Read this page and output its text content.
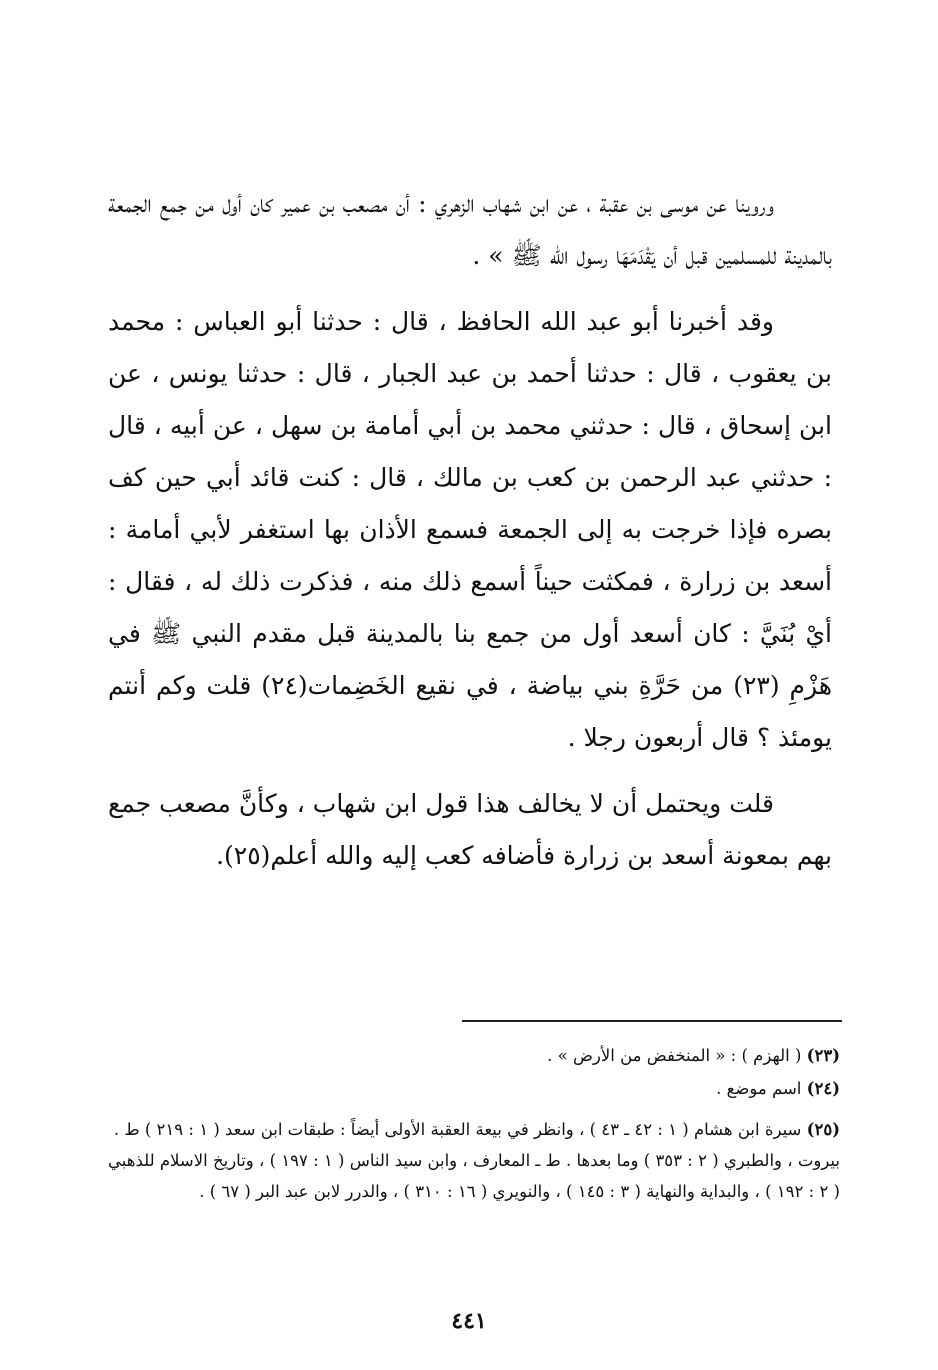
وروينا عن موسى بن عقبة ، عن ابن شهاب الزهري : أن مصعب بن عمير كان أول من جمع الجمعة بالمدينة للمسلمين قبل أن يَقْدَمَهَا رسول الله ﷺ » .

وقد أخبرنا أبو عبد الله الحافظ ، قال : حدثنا أبو العباس : محمد بن يعقوب ، قال : حدثنا أحمد بن عبد الجبار ، قال : حدثنا يونس ، عن ابن إسحاق ، قال : حدثني محمد بن أبي أمامة بن سهل ، عن أبيه ، قال : حدثني عبد الرحمن بن كعب بن مالك ، قال : كنت قائد أبي حين كف بصره فإذا خرجت به إلى الجمعة فسمع الأذان بها استغفر لأبي أمامة : أسعد بن زرارة ، فمكثت حيناً أسمع ذلك منه ، فذكرت ذلك له ، فقال : أيْ بُنَيَّ : كان أسعد أول من جمع بنا بالمدينة قبل مقدم النبي ﷺ في هَزْمِ (٢٣) من حَرَّةِ بني بياضة ، في نقيع الخَضِمات(٢٤) قلت وكم أنتم يومئذ ؟ قال أربعون رجلا .

قلت ويحتمل أن لا يخالف هذا قول ابن شهاب ، وكأنَّ مصعب جمع بهم بمعونة أسعد بن زرارة فأضافه كعب إليه والله أعلم(٢٥).

(٢٣) ( الهزم ) : « المنخفض من الأرض » .

(٢٤) اسم موضع .

(٢٥) سيرة ابن هشام ( ١ : ٤٢ ـ ٤٣ ) ، وانظر في بيعة العقبة الأولى أيضاً : طبقات ابن سعد ( ١ : ٢١٩ ) ط . بيروت ، والطبري ( ٢ : ٣٥٣ ) وما بعدها . ط ـ المعارف ، وابن سيد الناس ( ١ : ١٩٧ ) ، وتاريخ الاسلام للذهبي ( ٢ : ١٩٢ ) ، والبداية والنهاية ( ٣ : ١٤٥ ) ، والنويري ( ١٦ : ٣١٠ ) ، والدرر لابن عبد البر ( ٦٧ ) .

٤٤١
